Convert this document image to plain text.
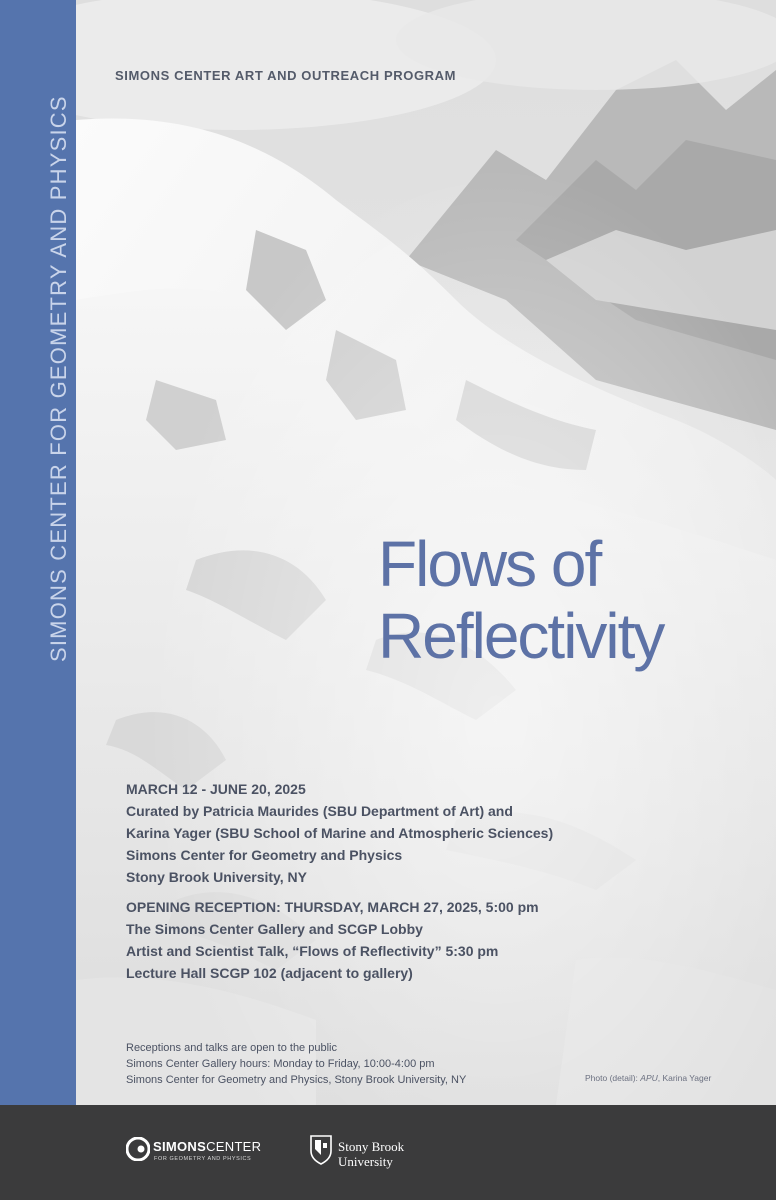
SIMONS CENTER FOR GEOMETRY AND PHYSICS
SIMONS CENTER ART AND OUTREACH PROGRAM
Flows of
Reflectivity

MARCH 12 - JUNE 20, 2025

Curated by Patricia Maurides (SBU Department of Art) and

Karina Yager (SBU School of Marine and Atmospheric Sciences)

Simons Center for Geometry and Physics

Stony Brook University, NY

OPENING RECEPTION: THURSDAY, MARCH 27, 2025, 5:00 pm

The Simons Center Gallery and SCGP Lobby

Artist and Scientist Talk, “Flows of Reflectivity” 5:30 pm

Lecture Hall SCGP 102 (adjacent to gallery)

Receptions and talks are open to the public

Simons Center Gallery hours: Monday to Friday, 10:00-4:00 pm

Simons Center for Geometry and Physics, Stony Brook University, NY	Photo (detail): APU, Karina Yager
SIMONSCENTER
FOR GEOMETRY AND PHYSICS
Stony Brook
University
